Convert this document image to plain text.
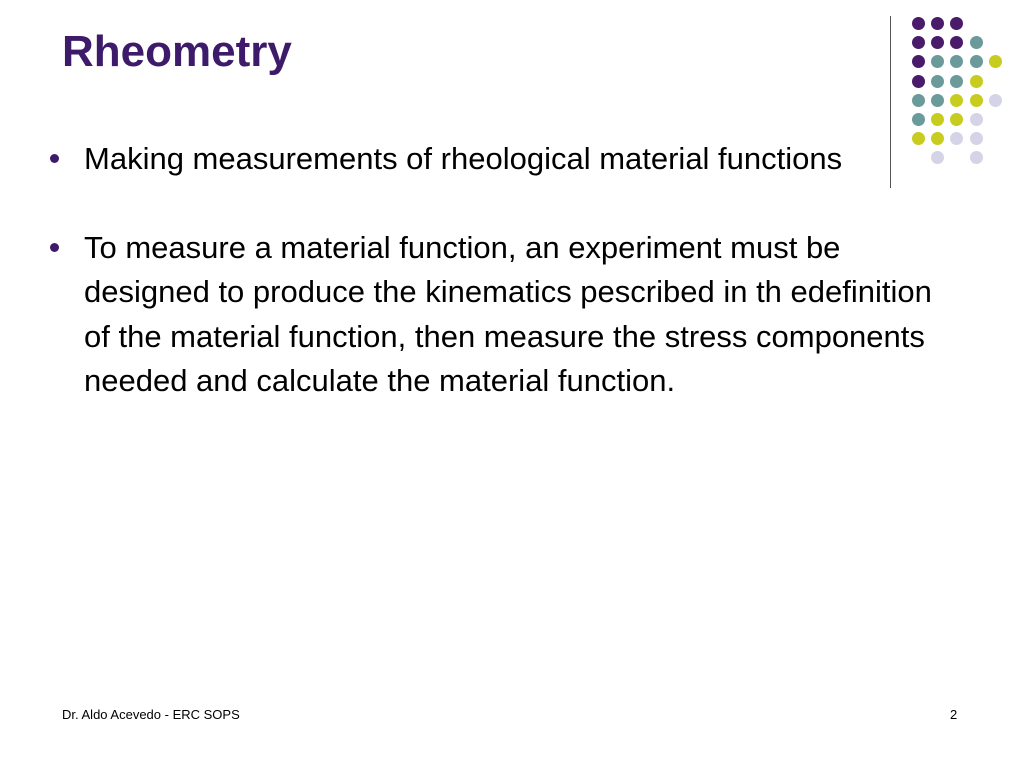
Rheometry
Making measurements of rheological material functions
To measure a material function, an experiment must be designed to produce the kinematics pescribed in th edefinition of the material function, then measure the stress components needed and calculate the material function.
Dr. Aldo Acevedo - ERC SOPS	2
